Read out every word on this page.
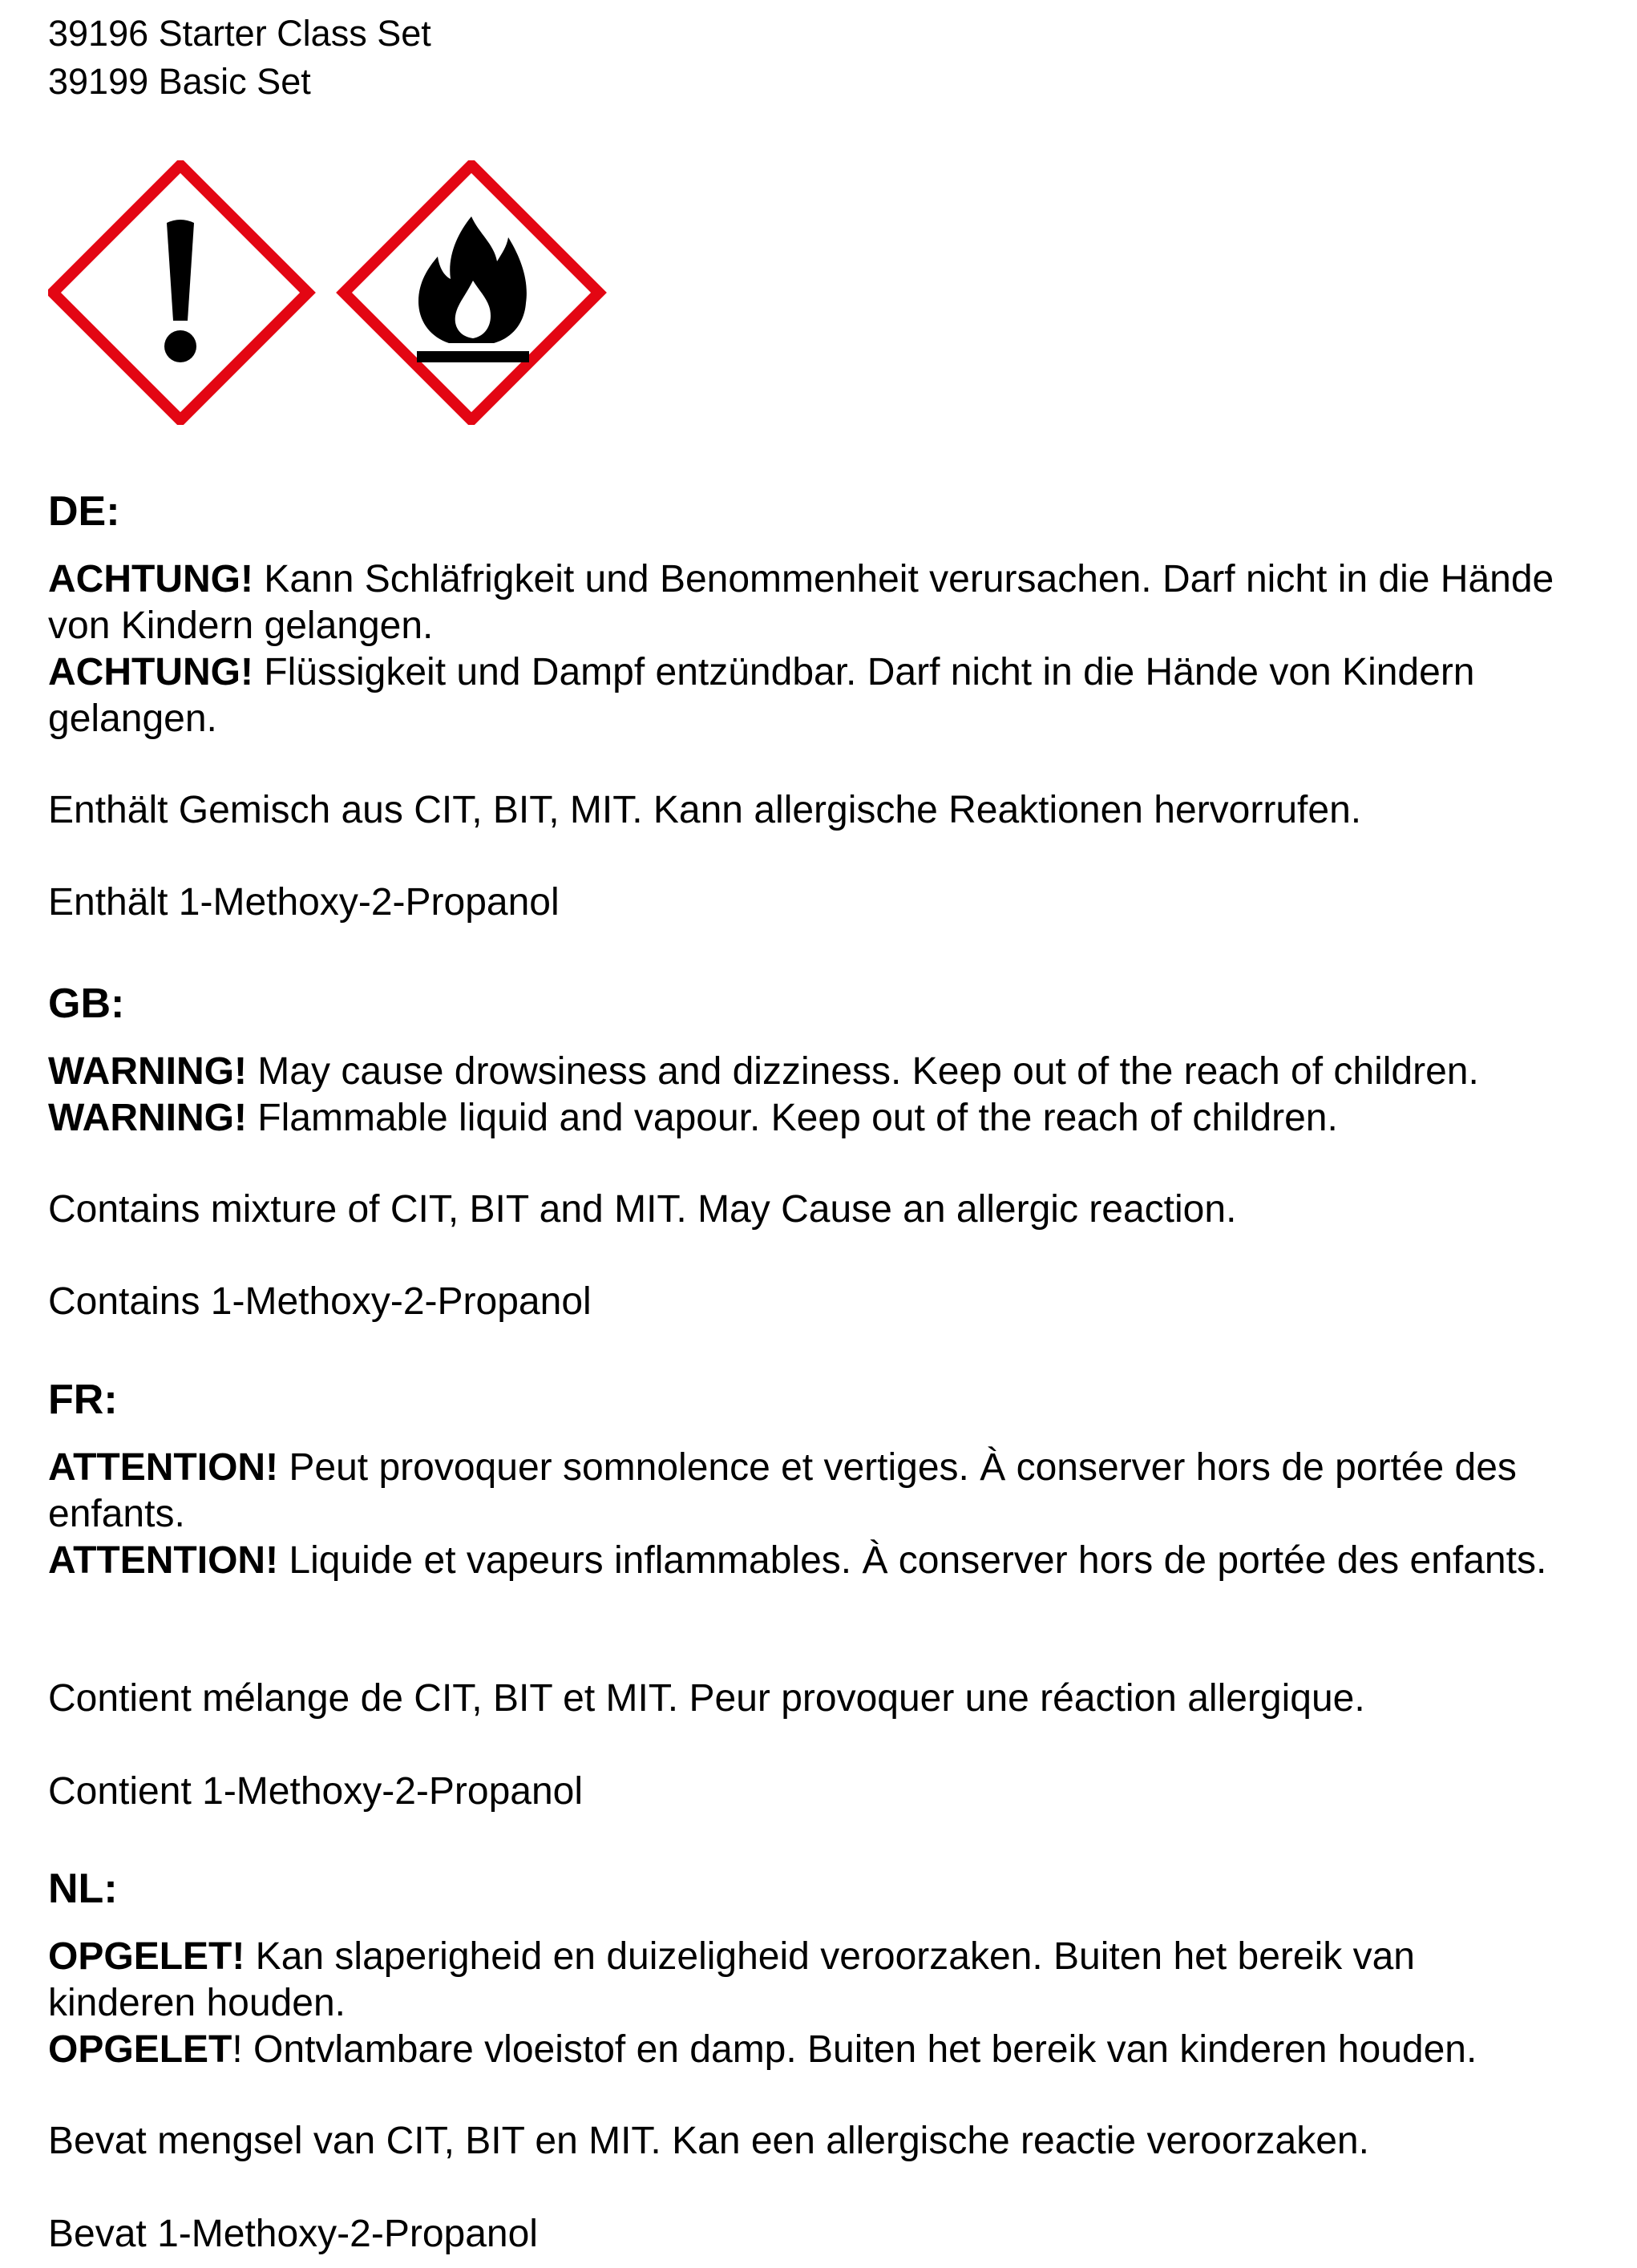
39196 Starter Class Set
39199 Basic Set
DE:
ACHTUNG! Kann Schläfrigkeit und Benommenheit verursachen. Darf nicht in die Hände von Kindern gelangen.
ACHTUNG! Flüssigkeit und Dampf entzündbar. Darf nicht in die Hände von Kindern gelangen.
Enthält Gemisch aus CIT, BIT, MIT. Kann allergische Reaktionen hervorrufen.
Enthält 1-Methoxy-2-Propanol
GB:
WARNING! May cause drowsiness and dizziness. Keep out of the reach of children.
WARNING! Flammable liquid and vapour. Keep out of the reach of children.
Contains mixture of CIT, BIT and MIT. May Cause an allergic reaction.
Contains 1-Methoxy-2-Propanol
FR:
ATTENTION! Peut provoquer somnolence et vertiges. À conserver hors de portée des enfants.
ATTENTION! Liquide et vapeurs inflammables. À conserver hors de portée des enfants.
Contient mélange de CIT, BIT et MIT. Peur provoquer une réaction allergique.
Contient 1-Methoxy-2-Propanol
NL:
OPGELET! Kan slaperigheid en duizeligheid veroorzaken. Buiten het bereik van kinderen houden.
OPGELET! Ontvlambare vloeistof en damp. Buiten het bereik van kinderen houden.
Bevat mengsel van CIT, BIT en MIT. Kan een allergische reactie veroorzaken.
Bevat 1-Methoxy-2-Propanol
